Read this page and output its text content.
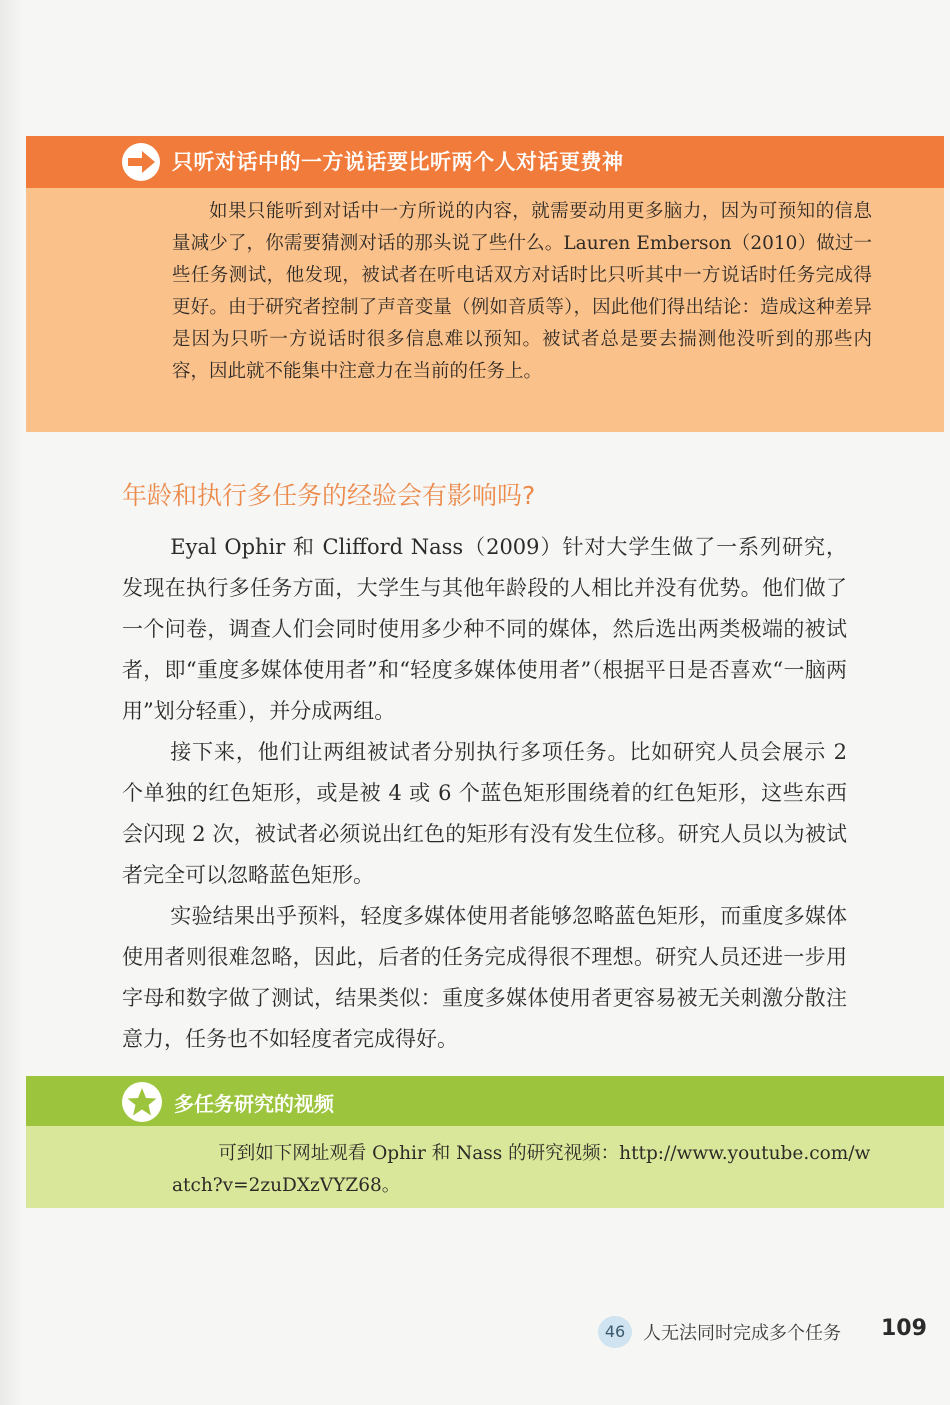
只听对话中的一方说话要比听两个人对话更费神
如果只能听到对话中一方所说的内容，就需要动用更多脑力，因为可预知的信息量减少了，你需要猜测对话的那头说了些什么。Lauren Emberson（2010）做过一些任务测试，他发现，被试者在听电话双方对话时比只听其中一方说话时任务完成得更好。由于研究者控制了声音变量（例如音质等），因此他们得出结论：造成这种差异是因为只听一方说话时很多信息难以预知。被试者总是要去揣测他没听到的那些内容，因此就不能集中注意力在当前的任务上。
年龄和执行多任务的经验会有影响吗?

Eyal Ophir 和 Clifford Nass（2009）针对大学生做了一系列研究，发现在执行多任务方面，大学生与其他年龄段的人相比并没有优势。他们做了一个问卷，调查人们会同时使用多少种不同的媒体，然后选出两类极端的被试者，即“重度多媒体使用者”和“轻度多媒体使用者”（根据平日是否喜欢“一脑两用”划分轻重），并分成两组。

接下来，他们让两组被试者分别执行多项任务。比如研究人员会展示 2 个单独的红色矩形，或是被 4 或 6 个蓝色矩形围绕着的红色矩形，这些东西会闪现 2 次，被试者必须说出红色的矩形有没有发生位移。研究人员以为被试者完全可以忽略蓝色矩形。

实验结果出乎预料，轻度多媒体使用者能够忽略蓝色矩形，而重度多媒体使用者则很难忽略，因此，后者的任务完成得很不理想。研究人员还进一步用字母和数字做了测试，结果类似：重度多媒体使用者更容易被无关刺激分散注意力，任务也不如轻度者完成得好。

多任务研究的视频
可到如下网址观看 Ophir 和 Nass 的研究视频：http://www.youtube.com/watch?v=2zuDXzVYZ68。
46 人无法同时完成多个任务 109
